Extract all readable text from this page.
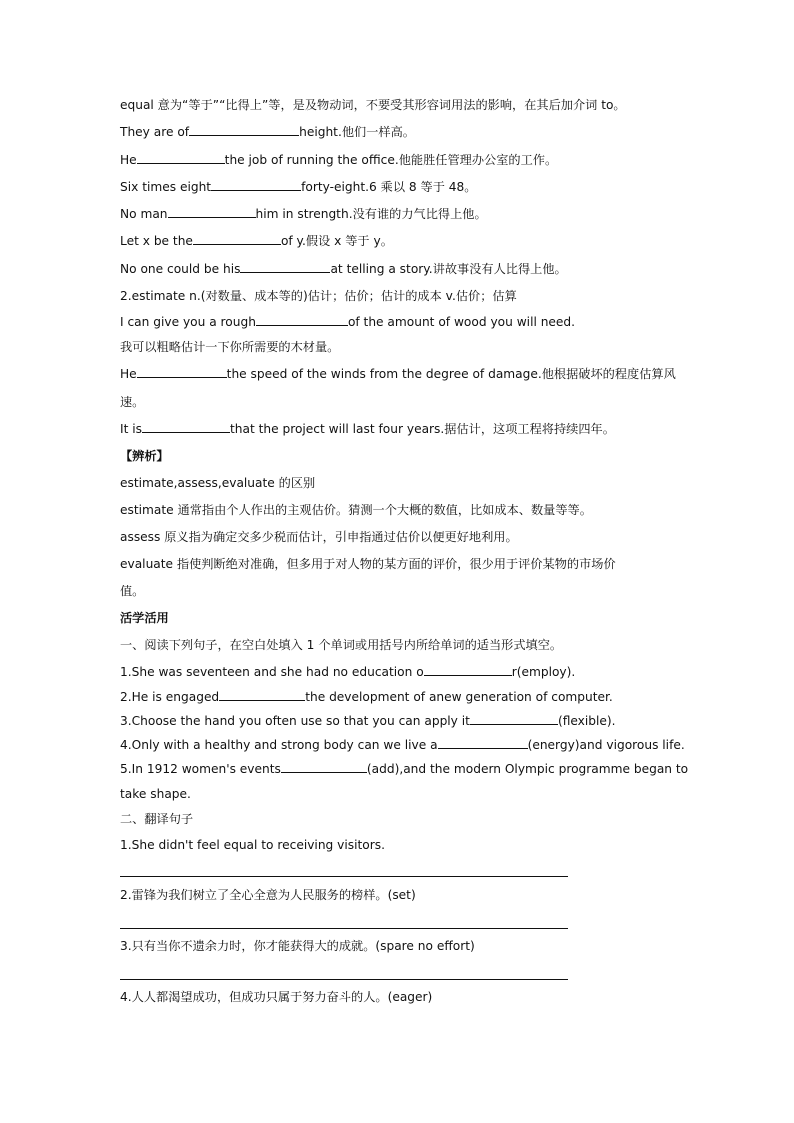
equal 意为“等于”“比得上”等，是及物动词，不要受其形容词用法的影响，在其后加介词 to。
They are of	height.他们一样高。
He	the job of running the office.他能胜任管理办公室的工作。
Six times eight	forty-eight.6 乘以 8 等于 48。
No man	him in strength.没有谁的力气比得上他。
Let x be the	of y.假设 x 等于 y。
No one could be his	at telling a story.讲故事没有人比得上他。
2.estimate n.(对数量、成本等的)估计；估价；估计的成本 v.估价；估算
I can give you a rough	of the amount of wood you will need.
我可以粗略估计一下你所需要的木材量。
He	the speed of the winds from the degree of damage.他根据破坏的程度估算风
速。
It is	that the project will last four years.据估计，这项工程将持续四年。
【辨析】
estimate,assess,evaluate 的区别
estimate 通常指由个人作出的主观估价。猜测一个大概的数值，比如成本、数量等等。
assess 原义指为确定交多少税而估计，引申指通过估价以便更好地利用。
evaluate 指使判断绝对准确，但多用于对人物的某方面的评价，很少用于评价某物的市场价
值。
活学活用
一、阅读下列句子，在空白处填入 1 个单词或用括号内所给单词的适当形式填空。
1.She was seventeen and she had no education o	r(employ).
2.He is engaged	the development of anew generation of computer.
3.Choose the hand you often use so that you can apply it	(flexible).
4.Only with a healthy and strong body can we live a	(energy)and vigorous life.
5.In 1912 women's events	(add),and the modern Olympic programme began to
take shape.
二、翻译句子
1.She didn't feel equal to receiving visitors.
2.雷锋为我们树立了全心全意为人民服务的榜样。(set)
3.只有当你不遗余力时，你才能获得大的成就。(spare no effort)
4.人人都渴望成功，但成功只属于努力奋斗的人。(eager)
